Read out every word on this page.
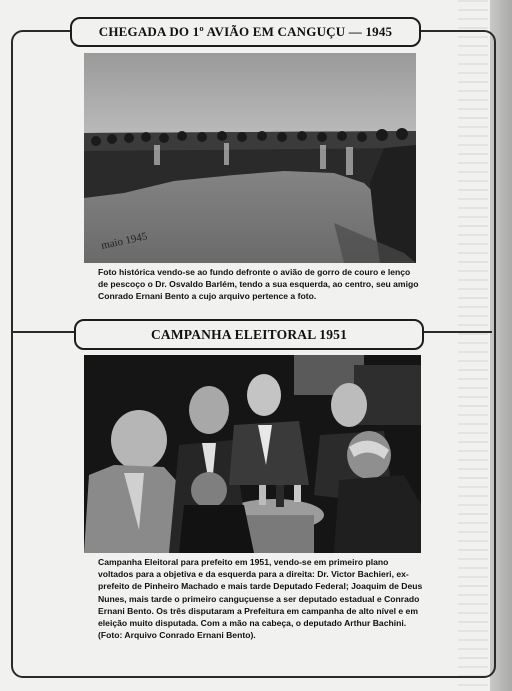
CHEGADA DO 1º AVIÃO EM CANGUÇU — 1945
maio 1945

Foto histórica vendo-se ao fundo defronte o avião de gorro de couro e lenço de pescoço o Dr. Osvaldo Barlém, tendo a sua esquerda, ao centro, seu amigo Conrado Ernani Bento a cujo arquivo pertence a foto.

CAMPANHA ELEITORAL 1951

Campanha Eleitoral para prefeito em 1951, vendo-se em primeiro plano voltados para a objetiva e da esquerda para a direita: Dr. Victor Bachieri, ex-prefeito de Pinheiro Machado e mais tarde Deputado Federal; Joaquim de Deus Nunes, mais tarde o primeiro canguçuense a ser deputado estadual e Conrado Ernani Bento. Os três disputaram a Prefeitura em campanha de alto nível e em eleição muito disputada. Com a mão na cabeça, o deputado Arthur Bachini. (Foto: Arquivo Conrado Ernani Bento).
